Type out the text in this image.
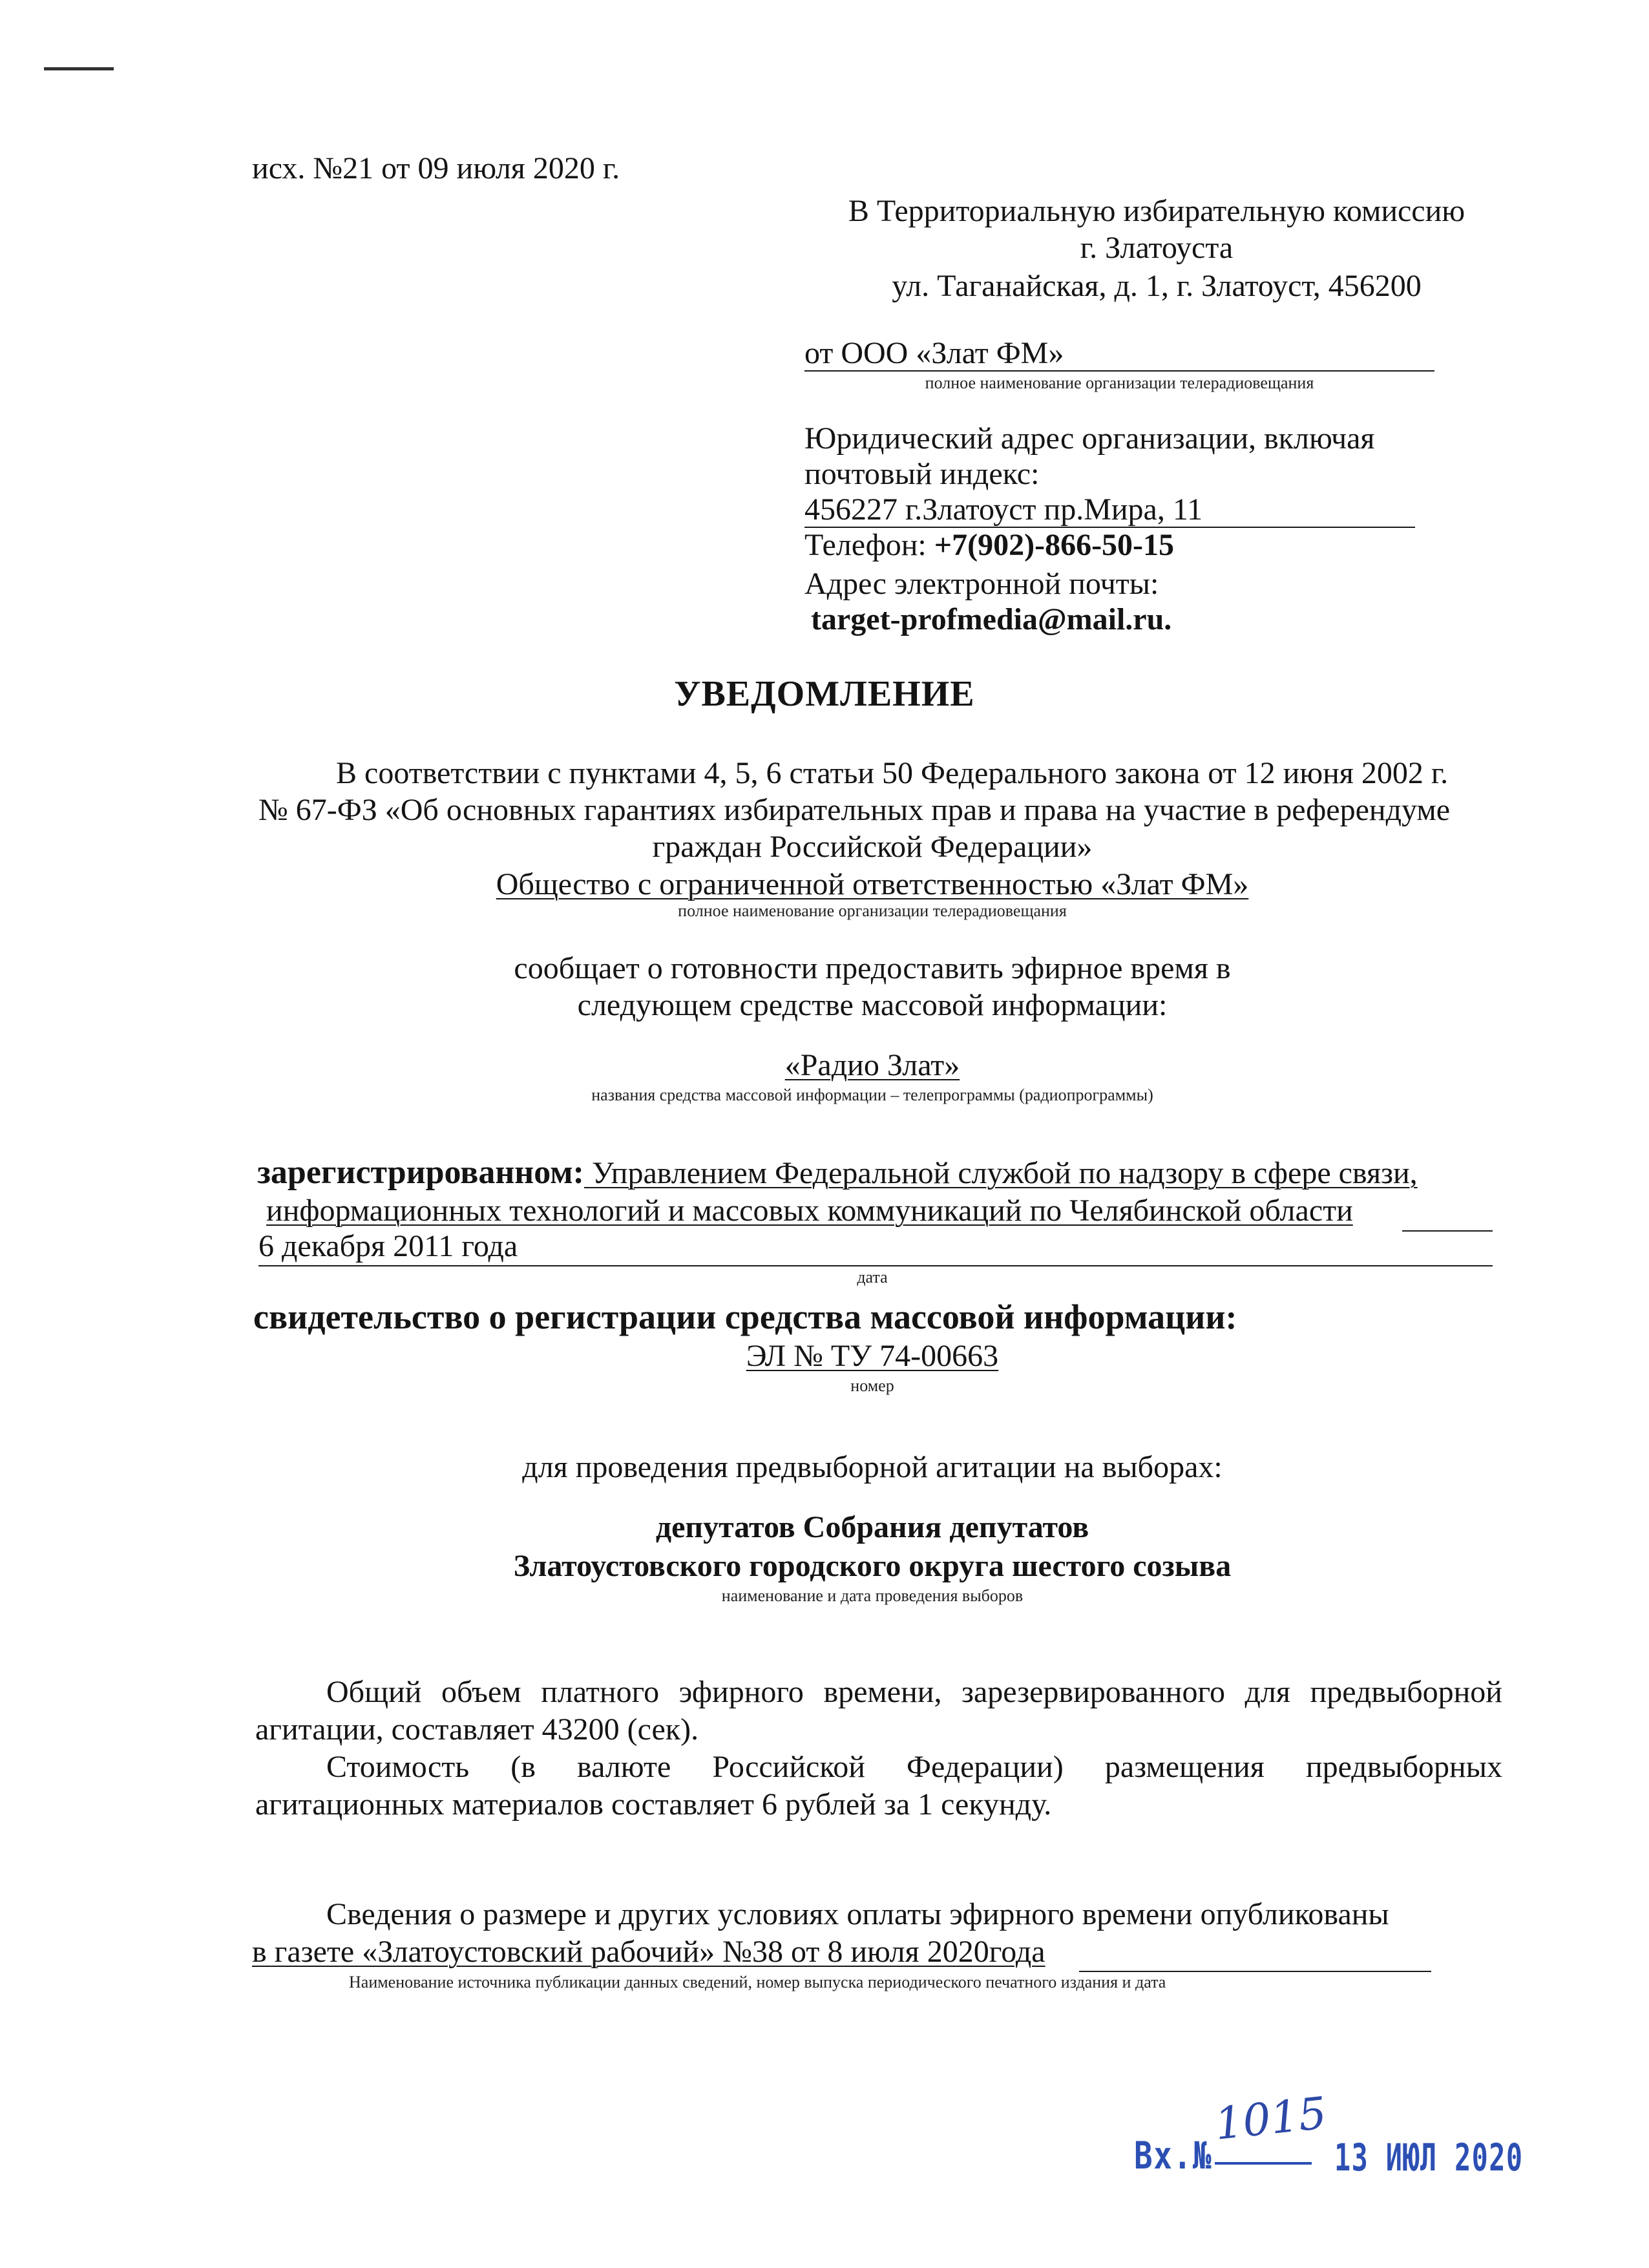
исх. №21 от 09 июля 2020 г.
В Территориальную избирательную комиссию
г. Златоуста
ул. Таганайская, д. 1, г. Златоуст, 456200
от ООО «Злат ФМ»
полное наименование организации телерадиовещания
Юридический адрес организации, включая
почтовый индекс:
456227 г.Златоуст пр.Мира, 11
Телефон: +7(902)-866-50-15
Адрес электронной почты:
target-profmedia@mail.ru.
УВЕДОМЛЕНИЕ
В соответствии с пунктами 4, 5, 6 статьи 50 Федерального закона от 12 июня 2002 г.
№ 67-ФЗ «Об основных гарантиях избирательных прав и права на участие в референдуме
граждан Российской Федерации»
Общество с ограниченной ответственностью «Злат ФМ»
полное наименование организации телерадиовещания
сообщает о готовности предоставить эфирное время в
следующем средстве массовой информации:
«Радио Злат»
названия средства массовой информации – телепрограммы (радиопрограммы)
зарегистрированном: Управлением Федеральной службой по надзору в сфере связи,
информационных технологий и массовых коммуникаций по Челябинской области
6 декабря 2011 года
дата
свидетельство о регистрации средства массовой информации:
ЭЛ № ТУ 74-00663
номер
для проведения предвыборной агитации на выборах:
депутатов Собрания депутатов
Златоустовского городского округа шестого созыва
наименование и дата проведения выборов
Общий объем платного эфирного времени, зарезервированного для предвыборной
агитации, составляет 43200 (сек).
Стоимость (в валюте Российской Федерации) размещения предвыборных
агитационных материалов составляет 6 рублей за 1 секунду.
Сведения о размере и других условиях оплаты эфирного времени опубликованы
в газете «Златоустовский рабочий» №38 от 8 июля 2020года
Наименование источника публикации данных сведений, номер выпуска периодического печатного издания и дата
Вх.№
1015
13 ИЮЛ 2020
